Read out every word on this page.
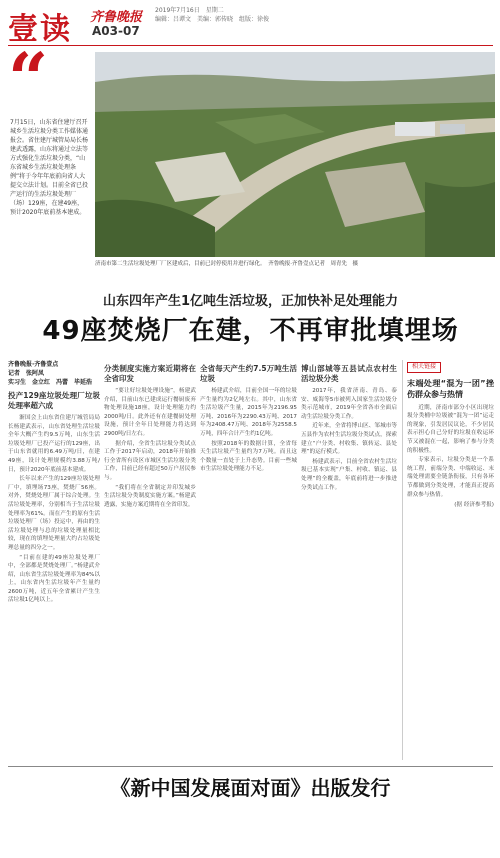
壹读 齐鲁晚报 2019年7月16日　星期二
编辑：吕谭文　美编：郭传晓　组版：徐俊
A03-07
“
7月15日，山东省住建厅召开城乡生活垃圾分类工作媒体通报会。省住建厅城管局局长杨建武透露，山东将通过立法等方式强化生活垃圾分类，“山东省城乡生活垃圾处理条例”将于今年年底前向省人大提交立法计划。目前全省已投产运行的生活垃圾处理厂（场）129座，在建49座，预计2020年底前基本建成。
济南市第二生活垃圾处理厂厂区建成后，目前已封停使用并进行绿化。　齐鲁晚报·齐鲁壹点记者　周青先　摄
山东四年产生1亿吨生活垃圾，正加快补足处理能力
49座焚烧厂在建，不再审批填埋场
齐鲁晚报·齐鲁壹点
记者　张阿凤
实习生　金立红　冯蕾　毕延浩
投产129座垃圾处理厂垃圾处理率超六成

渐国会上山东省住建厅城管局局长杨建武表示，山东省处理生活垃圾全年大概产生约9.5万吨，山东生活垃圾处理厂已投产运行的129座，出于山东省就用的6.49万吨/日，在建49座，设计处理规模约3.88万吨/日，预计2020年底前基本建成。

长年以来产生的129座垃圾处理厂中，填埋场73座，焚烧厂56座。对外，焚烧处理厂属于综合处理。生活垃圾处理率，分别相当于生活垃圾处理率为61%。而在产生的原有生活垃圾处理厂（场）投运中，再由的生活垃圾处理与总的垃圾处理量相比较，现在的填埋处理量大约占垃圾处理总量的四分之一。

“目前在建的49座垃圾处理厂中，全部都是焚烧处理厂。”杨建武介绍，山东省生活垃圾处理率为84%以上，山东省内生活垃圾年产生量约2600万吨，近五年全省累计产生生活垃圾1亿吨以上。

分类制度实施方案近期将在全省印发

“要让好垃圾处理设施”，杨建武介绍，目前山东已建成运行餐厨废弃物处理设施18座，设计处理能力约2000吨/日。此外还有在建餐厨处理设施，预计全年日处理能力将达到2900吨/日左右。

据介绍，全省生活垃圾分类试点工作于2017年启动，2018年开始推行全省所有设区市城区生活垃圾分类工作，目前已经有超过50万户居民参与。

“我们将在全省制定并印发城乡生活垃圾分类制度实施方案。”杨建武透露，实施方案近期将在全省印发。

全省每天产生约7.5万吨生活垃圾

杨建武介绍，目前全国一年的垃圾产生量约为2亿吨左右。其中，山东省生活垃圾产生量，2015年为2196.95万吨、2016年为2290.43万吨、2017年为2408.47万吨、2018年为2558.5万吨，四年合计产生约1亿吨。

按照2018年的数据计算，全省每天生活垃圾产生量约为7万吨。而且这个数量一直处于上升态势。目前一些城市生活垃圾处理能力不足。

博山部城等五县试点农村生活垃圾分类

2017年，我省济南、青岛、泰安、威海等5市被列入国家生活垃圾分类示范城市，2019年全省各市全面启动生活垃圾分类工作。

近年来，全省将博山区、邹城市等五县作为农村生活垃圾分类试点，探索建立“户分类、村收集、镇转运、县处理”的运行模式。

杨建武表示，目前全省农村生活垃圾已基本实现“户集、村收、镇运、县处理”的全覆盖，年底前将进一步推进分类试点工作。

相关链接
末端处理“混为一团”挫伤群众参与热情

近期，济南市部分小区出现垃圾分类桶中垃圾被“混为一团”运走的现象，引发居民议论，不少居民表示担心自己分好的垃圾在收运环节又被混在一起，影响了参与分类的积极性。

专家表示，垃圾分类是一个系统工程，前端分类、中端收运、末端处理需要全链条衔接，只有各环节都做到分类处理，才能真正提高群众参与热情。

(据 经济参考报)
《新中国发展面对面》出版发行
